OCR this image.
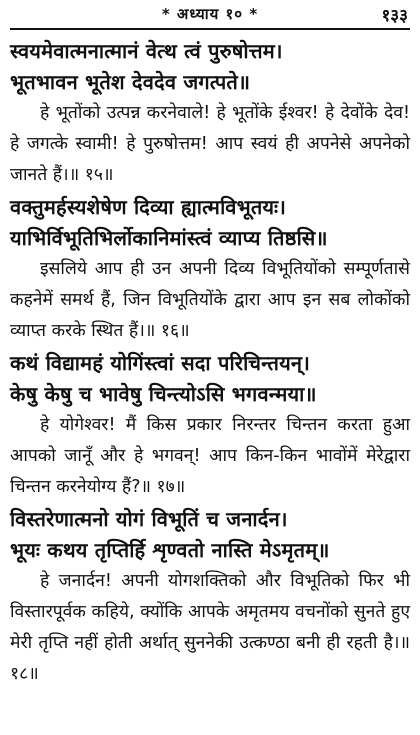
* अध्याय १० *	१३३
स्वयमेवात्मनात्मानं वेत्थ त्वं पुरुषोत्तम।
भूतभावन भूतेश देवदेव जगत्पते॥

हे भूतोंको उत्पन्न करनेवाले! हे भूतोंके ईश्वर! हे देवोंके देव! हे जगत्के स्वामी! हे पुरुषोत्तम! आप स्वयं ही अपनेसे अपनेको जानते हैं।॥ १५॥

वक्तुमर्हस्यशेषेण दिव्या ह्यात्मविभूतयः।
याभिर्विभूतिभिर्लोकानिमांस्त्वं व्याप्य तिष्ठसि॥

इसलिये आप ही उन अपनी दिव्य विभूतियोंको सम्पूर्णतासे कहनेमें समर्थ हैं, जिन विभूतियोंके द्वारा आप इन सब लोकोंको व्याप्त करके स्थित हैं।॥ १६॥

कथं विद्यामहं योगिंस्त्वां सदा परिचिन्तयन्।
केषु केषु च भावेषु चिन्त्योऽसि भगवन्मया॥

हे योगेश्वर! मैं किस प्रकार निरन्तर चिन्तन करता हुआ आपको जानूँ और हे भगवन्! आप किन-किन भावोंमें मेरेद्वारा चिन्तन करनेयोग्य हैं?॥ १७॥

विस्तरेणात्मनो योगं विभूतिं च जनार्दन।
भूयः कथय तृप्तिर्हि शृण्वतो नास्ति मेऽमृतम्॥

हे जनार्दन! अपनी योगशक्तिको और विभूतिको फिर भी विस्तारपूर्वक कहिये, क्योंकि आपके अमृतमय वचनोंको सुनते हुए मेरी तृप्ति नहीं होती अर्थात् सुननेकी उत्कण्ठा बनी ही रहती है।॥ १८॥
